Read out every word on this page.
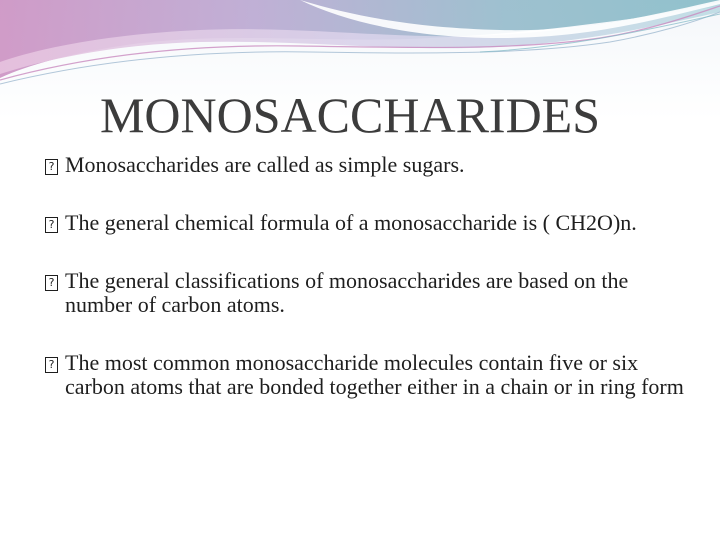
MONOSACCHARIDES
? Monosaccharides are called as simple sugars.
? The general chemical formula of a monosaccharide is ( CH2O)n.
? The general classifications of monosaccharides are based on the number of carbon atoms.
? The most common monosaccharide molecules contain five or six carbon atoms that are bonded together either in a chain or in ring form
